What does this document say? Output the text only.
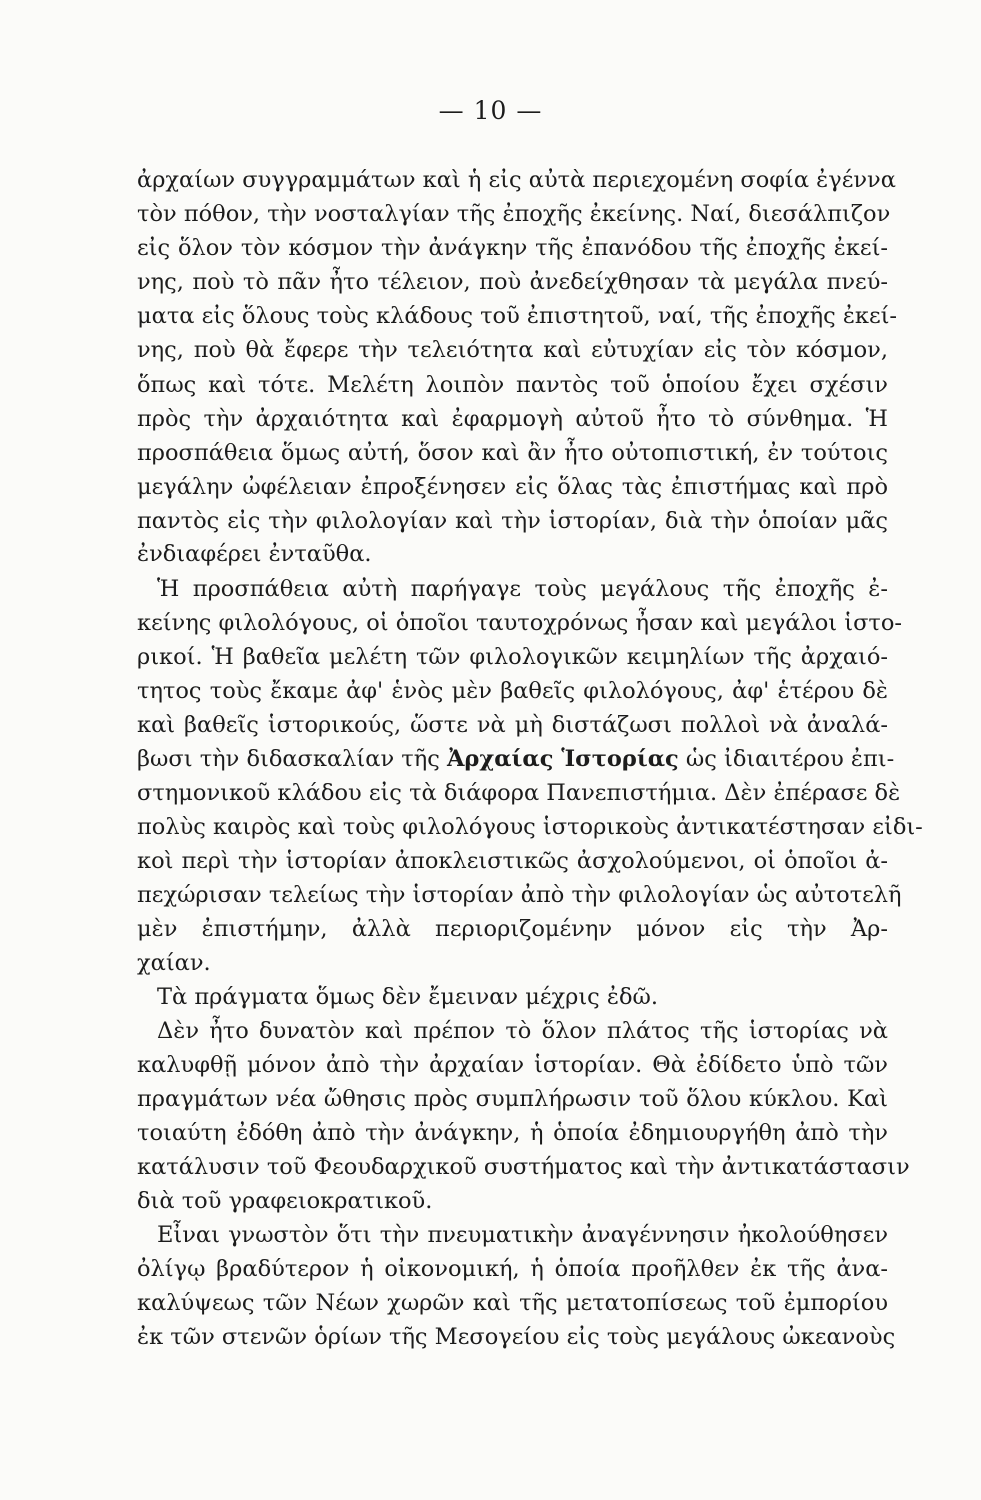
— 10 —
ἀρχαίων συγγραμμάτων καὶ ἡ εἰς αὐτὰ περιεχομένη σοφία ἐγέννα
τὸν πόθον, τὴν νοσταλγίαν τῆς ἐποχῆς ἐκείνης. Ναί, διεσάλπιζον
εἰς ὅλον τὸν κόσμον τὴν ἀνάγκην τῆς ἐπανόδου τῆς ἐποχῆς ἐκεί-
νης, ποὺ τὸ πᾶν ἦτο τέλειον, ποὺ ἀνεδείχθησαν τὰ μεγάλα πνεύ-
ματα εἰς ὅλους τοὺς κλάδους τοῦ ἐπιστητοῦ, ναί, τῆς ἐποχῆς ἐκεί-
νης, ποὺ θὰ ἔφερε τὴν τελειότητα καὶ εὐτυχίαν εἰς τὸν κόσμον,
ὅπως καὶ τότε. Μελέτη λοιπὸν παντὸς τοῦ ὁποίου ἔχει σχέσιν
πρὸς τὴν ἀρχαιότητα καὶ ἐφαρμογὴ αὐτοῦ ἦτο τὸ σύνθημα. Ἡ
προσπάθεια ὅμως αὐτή, ὅσον καὶ ἂν ἦτο οὐτοπιστική, ἐν τούτοις
μεγάλην ὠφέλειαν ἐπροξένησεν εἰς ὅλας τὰς ἐπιστήμας καὶ πρὸ
παντὸς εἰς τὴν φιλολογίαν καὶ τὴν ἱστορίαν, διὰ τὴν ὁποίαν μᾶς
ἐνδιαφέρει ἐνταῦθα.
Ἡ προσπάθεια αὐτὴ παρήγαγε τοὺς μεγάλους τῆς ἐποχῆς ἐ-
κείνης φιλολόγους, οἱ ὁποῖοι ταυτοχρόνως ἦσαν καὶ μεγάλοι ἱστο-
ρικοί. Ἡ βαθεῖα μελέτη τῶν φιλολογικῶν κειμηλίων τῆς ἀρχαιό-
τητος τοὺς ἔκαμε ἀφ' ἑνὸς μὲν βαθεῖς φιλολόγους, ἀφ' ἑτέρου δὲ
καὶ βαθεῖς ἱστορικούς, ὥστε νὰ μὴ διστάζωσι πολλοὶ νὰ ἀναλά-
βωσι τὴν διδασκαλίαν τῆς Ἀρχαίας Ἱστορίας ὡς ἰδιαιτέρου ἐπι-
στημονικοῦ κλάδου εἰς τὰ διάφορα Πανεπιστήμια. Δὲν ἐπέρασε δὲ
πολὺς καιρὸς καὶ τοὺς φιλολόγους ἱστορικοὺς ἀντικατέστησαν εἰδι-
κοὶ περὶ τὴν ἱστορίαν ἀποκλειστικῶς ἀσχολούμενοι, οἱ ὁποῖοι ἀ-
πεχώρισαν τελείως τὴν ἱστορίαν ἀπὸ τὴν φιλολογίαν ὡς αὐτοτελῆ
μὲν ἐπιστήμην, ἀλλὰ περιοριζομένην μόνον εἰς τὴν Ἀρ-
χαίαν.
Τὰ πράγματα ὅμως δὲν ἔμειναν μέχρις ἐδῶ.
Δὲν ἦτο δυνατὸν καὶ πρέπον τὸ ὅλον πλάτος τῆς ἱστορίας νὰ
καλυφθῇ μόνον ἀπὸ τὴν ἀρχαίαν ἱστορίαν. Θὰ ἐδίδετο ὑπὸ τῶν
πραγμάτων νέα ὤθησις πρὸς συμπλήρωσιν τοῦ ὅλου κύκλου. Καὶ
τοιαύτη ἐδόθη ἀπὸ τὴν ἀνάγκην, ἡ ὁποία ἐδημιουργήθη ἀπὸ τὴν
κατάλυσιν τοῦ Φεουδαρχικοῦ συστήματος καὶ τὴν ἀντικατάστασιν
διὰ τοῦ γραφειοκρατικοῦ.
Εἶναι γνωστὸν ὅτι τὴν πνευματικὴν ἀναγέννησιν ἠκολούθησεν
ὀλίγῳ βραδύτερον ἡ οἰκονομική, ἡ ὁποία προῆλθεν ἐκ τῆς ἀνα-
καλύψεως τῶν Νέων χωρῶν καὶ τῆς μετατοπίσεως τοῦ ἐμπορίου
ἐκ τῶν στενῶν ὁρίων τῆς Μεσογείου εἰς τοὺς μεγάλους ὠκεανοὺς
